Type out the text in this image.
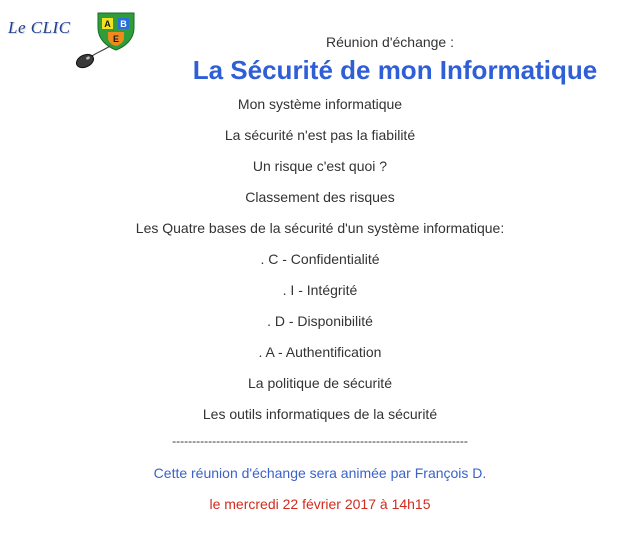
Le CLIC	A B
E	Réunion d'échange :
La Sécurité de mon Informatique
Mon système informatique
La sécurité n'est pas la fiabilité
Un risque c'est quoi ?
Classement des risques
Les Quatre bases de la sécurité d'un système informatique:
. C - Confidentialité
. I - Intégrité
. D - Disponibilité
. A - Authentification
La politique de sécurité
Les outils informatiques de la sécurité
--------------------------------------------------------------------------
Cette réunion d'échange sera animée par François D.
le mercredi 22 février 2017 à 14h15
